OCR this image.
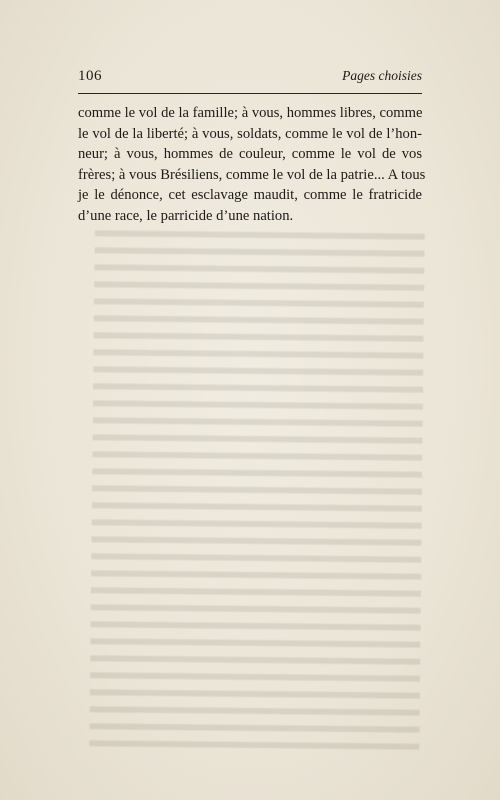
106	Pages choisies
comme le vol de la famille; à vous, hommes libres, comme
le vol de la liberté; à vous, soldats, comme le vol de l’hon-
neur; à vous, hommes de couleur, comme le vol de vos
frères; à vous Brésiliens, comme le vol de la patrie... A tous
je le dénonce, cet esclavage maudit, comme le fratricide
d’une race, le parricide d’une nation.
